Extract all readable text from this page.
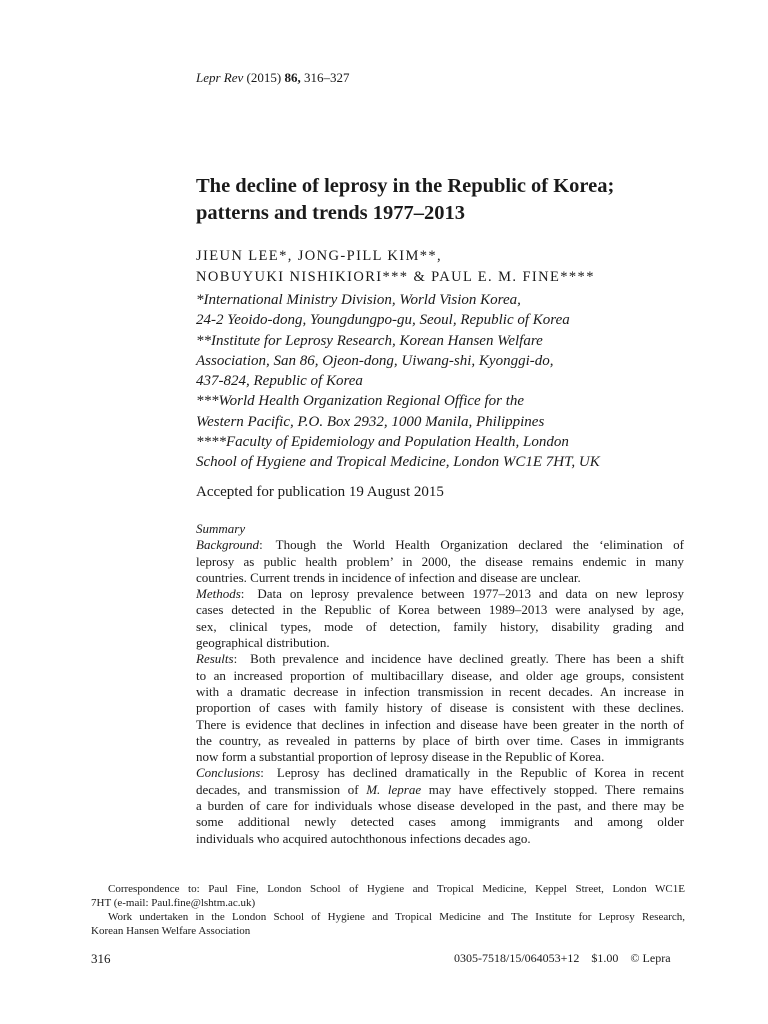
Lepr Rev (2015) 86, 316–327
The decline of leprosy in the Republic of Korea;
patterns and trends 1977–2013
JIEUN LEE*, JONG-PILL KIM**,
NOBUYUKI NISHIKIORI*** & PAUL E. M. FINE****
*International Ministry Division, World Vision Korea,
24-2 Yeoido-dong, Youngdungpo-gu, Seoul, Republic of Korea
**Institute for Leprosy Research, Korean Hansen Welfare
Association, San 86, Ojeon-dong, Uiwang-shi, Kyonggi-do,
437-824, Republic of Korea
***World Health Organization Regional Office for the
Western Pacific, P.O. Box 2932, 1000 Manila, Philippines
****Faculty of Epidemiology and Population Health, London
School of Hygiene and Tropical Medicine, London WC1E 7HT, UK
Accepted for publication 19 August 2015
Summary
Background: Though the World Health Organization declared the ‘elimination of
leprosy as public health problem’ in 2000, the disease remains endemic in many
countries. Current trends in incidence of infection and disease are unclear.
Methods: Data on leprosy prevalence between 1977–2013 and data on new leprosy
cases detected in the Republic of Korea between 1989–2013 were analysed by age,
sex, clinical types, mode of detection, family history, disability grading and
geographical distribution.
Results: Both prevalence and incidence have declined greatly. There has been a shift
to an increased proportion of multibacillary disease, and older age groups, consistent
with a dramatic decrease in infection transmission in recent decades. An increase in
proportion of cases with family history of disease is consistent with these declines.
There is evidence that declines in infection and disease have been greater in the north of
the country, as revealed in patterns by place of birth over time. Cases in immigrants
now form a substantial proportion of leprosy disease in the Republic of Korea.
Conclusions: Leprosy has declined dramatically in the Republic of Korea in recent
decades, and transmission of M. leprae may have effectively stopped. There remains
a burden of care for individuals whose disease developed in the past, and there may be
some additional newly detected cases among immigrants and among older
individuals who acquired autochthonous infections decades ago.
Correspondence to: Paul Fine, London School of Hygiene and Tropical Medicine, Keppel Street, London WC1E
7HT (e-mail: Paul.fine@lshtm.ac.uk)
Work undertaken in the London School of Hygiene and Tropical Medicine and The Institute for Leprosy Research,
Korean Hansen Welfare Association
316	0305-7518/15/064053+12 $1.00 © Lepra
